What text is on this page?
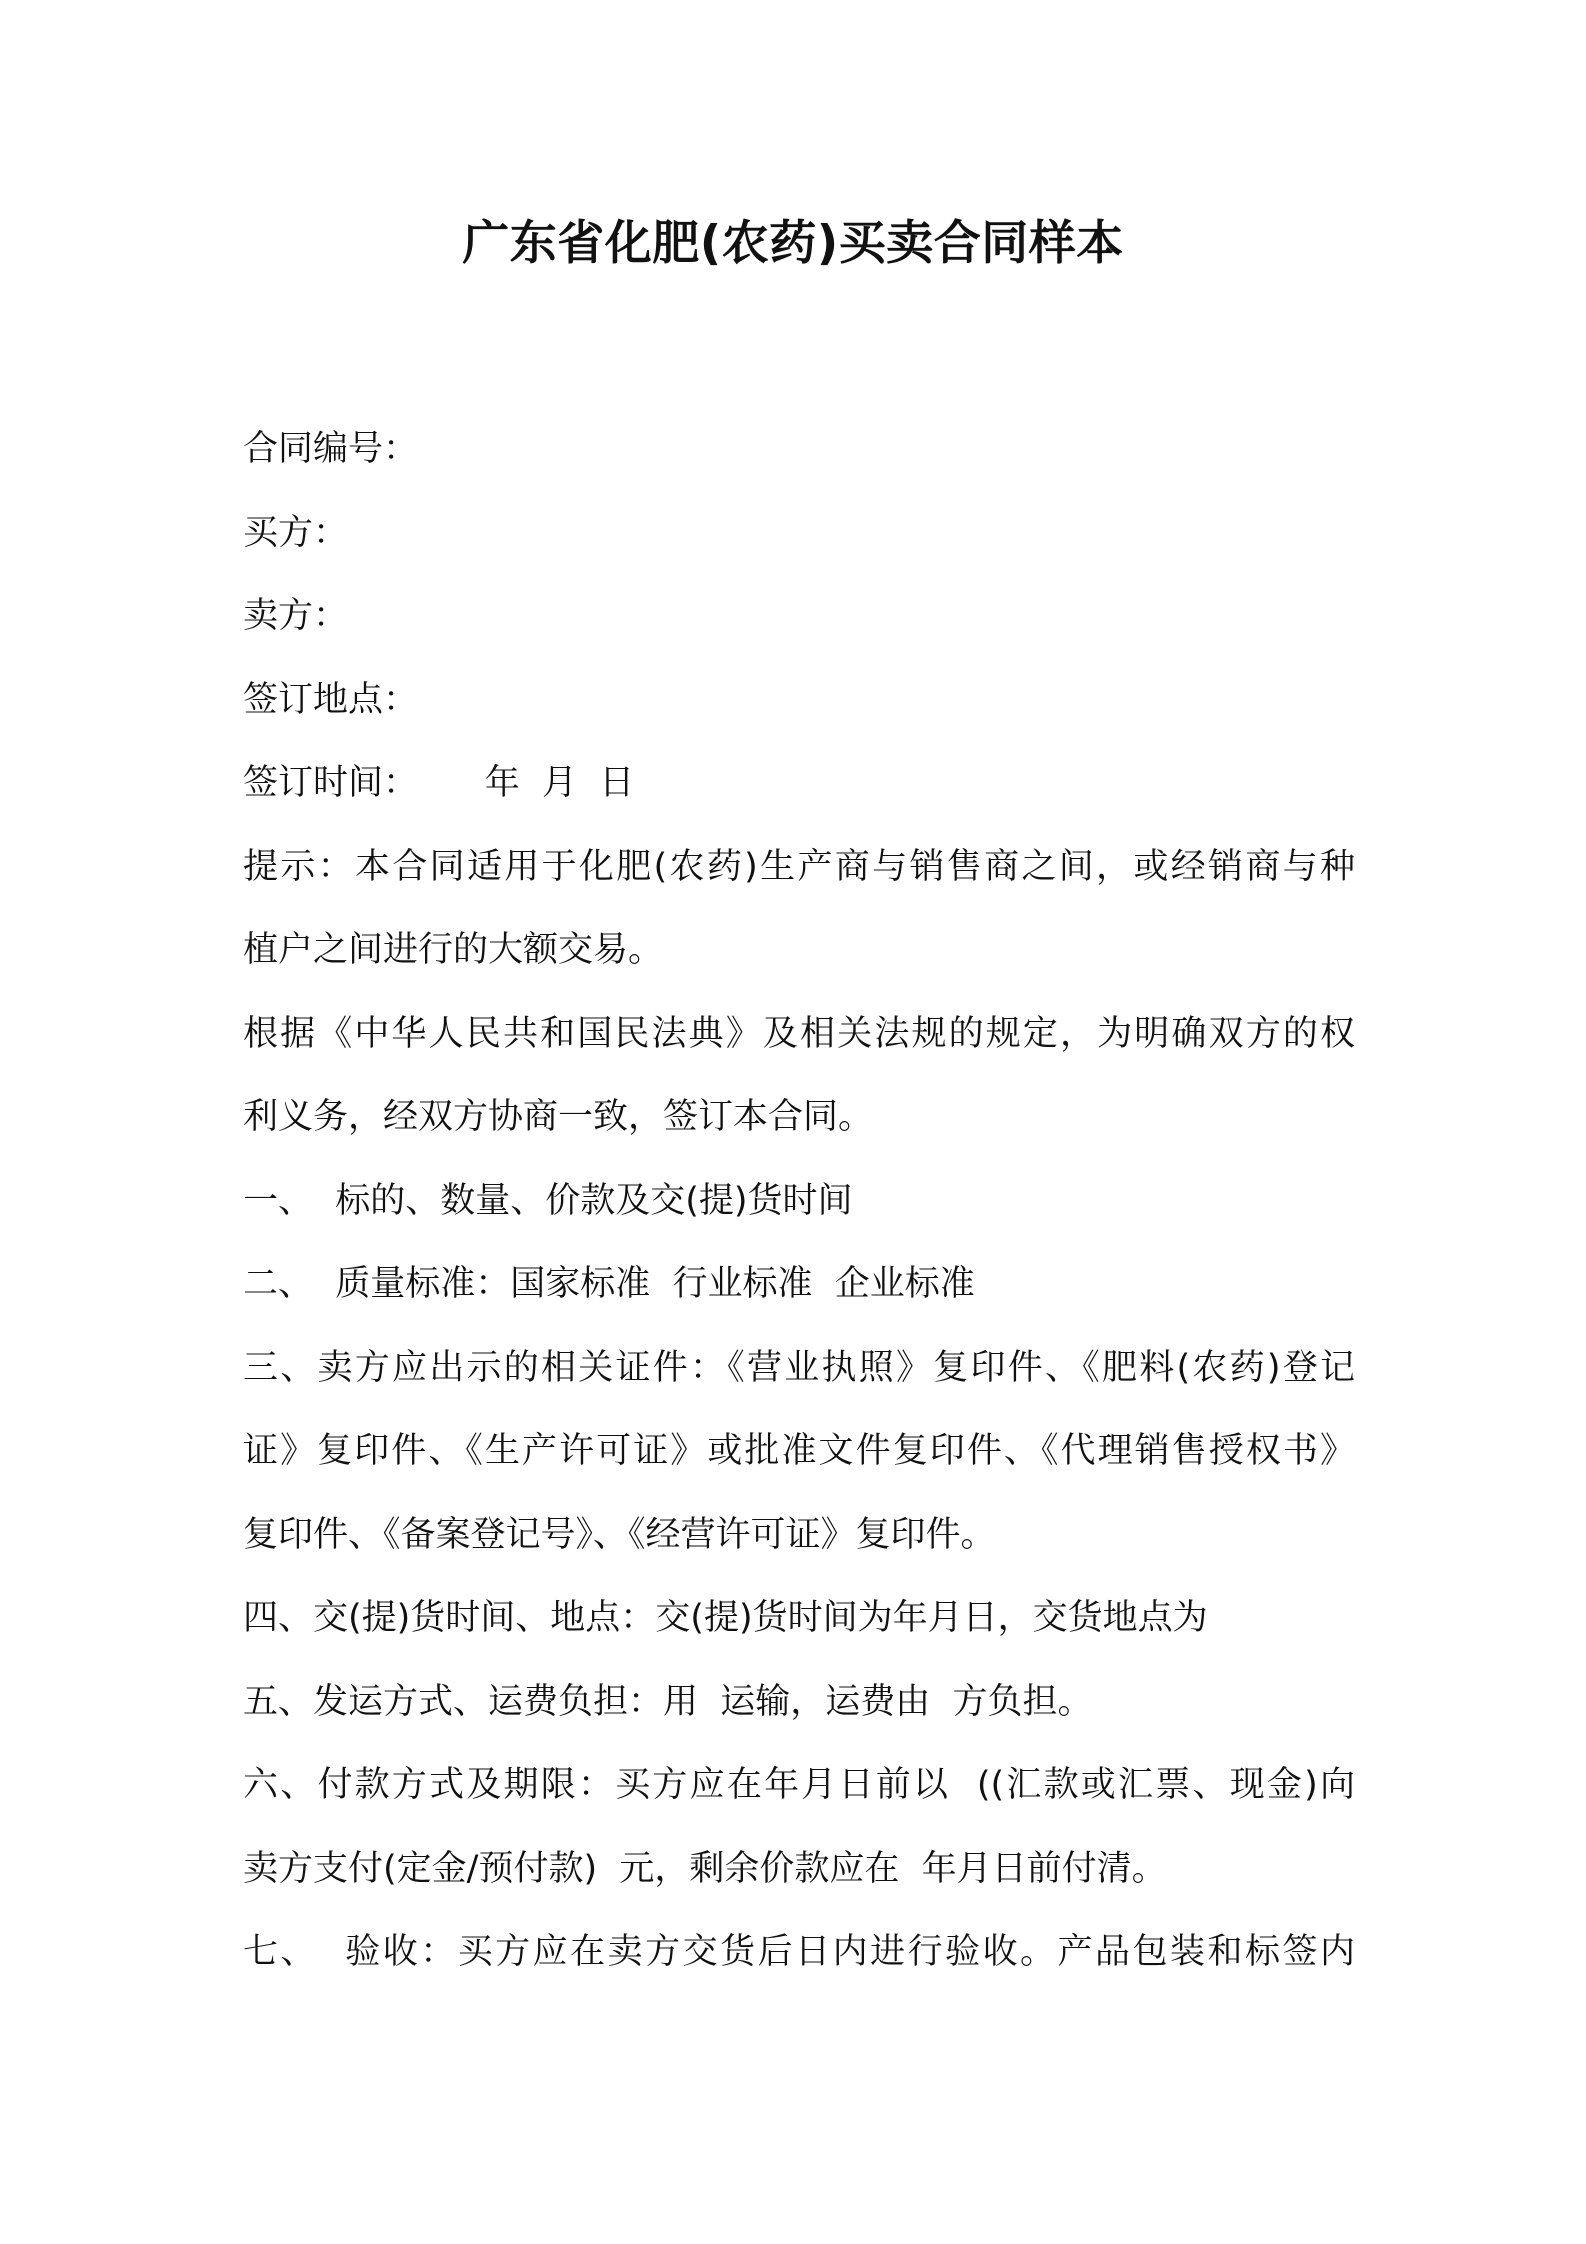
广东省化肥(农药)买卖合同样本
合同编号：
买方：
卖方：
签订地点：
签订时间：      年  月  日
提示：本合同适用于化肥(农药)生产商与销售商之间，或经销商与种
植户之间进行的大额交易。
根据《中华人民共和国民法典》及相关法规的规定，为明确双方的权
利义务，经双方协商一致，签订本合同。
一、  标的、数量、价款及交(提)货时间
二、  质量标准：国家标准  行业标准  企业标准
三、卖方应出示的相关证件：《营业执照》复印件、《肥料(农药)登记
证》复印件、《生产许可证》或批准文件复印件、《代理销售授权书》
复印件、《备案登记号》、《经营许可证》复印件。
四、交(提)货时间、地点：交(提)货时间为年月日，交货地点为
五、发运方式、运费负担：用  运输，运费由  方负担。
六、付款方式及期限：买方应在年月日前以  ((汇款或汇票、现金)向
卖方支付(定金/预付款)  元，剩余价款应在  年月日前付清。
七、  验收：买方应在卖方交货后日内进行验收。产品包装和标签内
